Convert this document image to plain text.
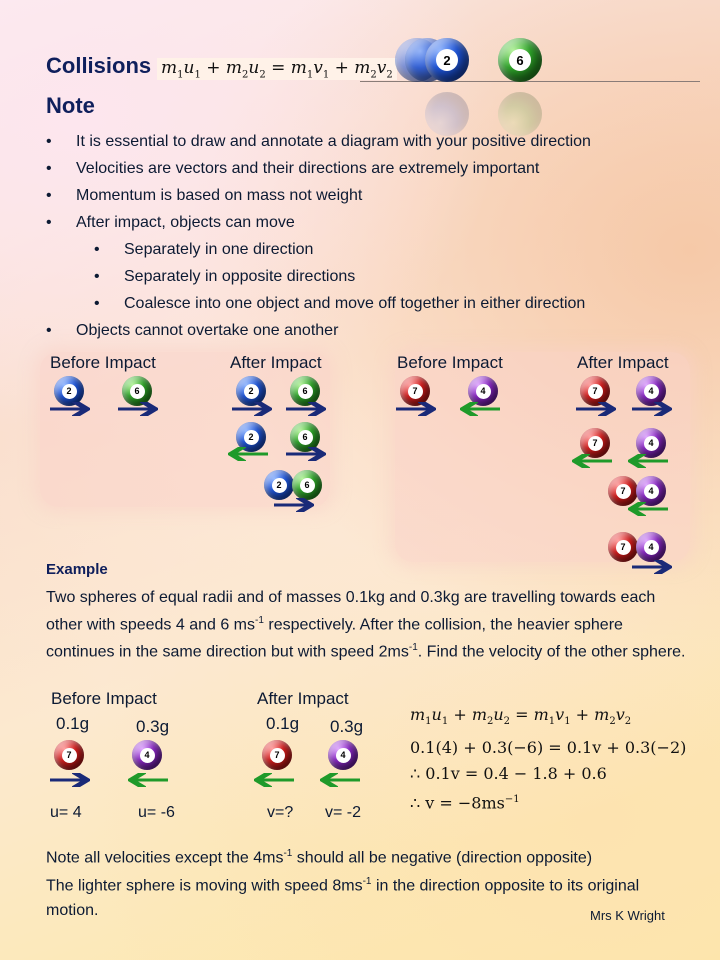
Collisions $m_1u_1 + m_2u_2 = m_1v_1 + m_2v_2$
2	6
Note
• It is essential to draw and annotate a diagram with your positive direction
• Velocities are vectors and their directions are extremely important
• Momentum is based on mass not weight
• After impact, objects can move
• Separately in one direction
• Separately in opposite directions
• Coalesce into one object and move off together in either direction
• Objects cannot overtake one another
Before Impact	After Impact
2	6	2	6
2	6
2	6
Before Impact	After Impact
7	4	7	4
7	4
7	4
7	4
Example
Two spheres of equal radii and of masses 0.1kg and 0.3kg are travelling towards each other with speeds 4 and 6 $ms^{-1}$ respectively. After the collision, the heavier sphere continues in the same direction but with speed $2ms^{-1}$. Find the velocity of the other sphere.
Before Impact	After Impact
0.1g	0.3g	0.1g 0.3g
7	4	7	4
u= 4	u= -6	v=? v= -2
$m_1u_1 + m_2u_2 = m_1v_1 + m_2v_2$
0.1(4) + 0.3(−6) = 0.1v + 0.3(−2)
∴ 0.1v = 0.4 − 1.8 + 0.6
∴ $v = -8ms^{-1}$
Note all velocities except the $4ms^{-1}$ should all be negative (direction opposite)
The lighter sphere is moving with speed $8ms^{-1}$ in the direction opposite to its original motion.	Mrs K Wright
